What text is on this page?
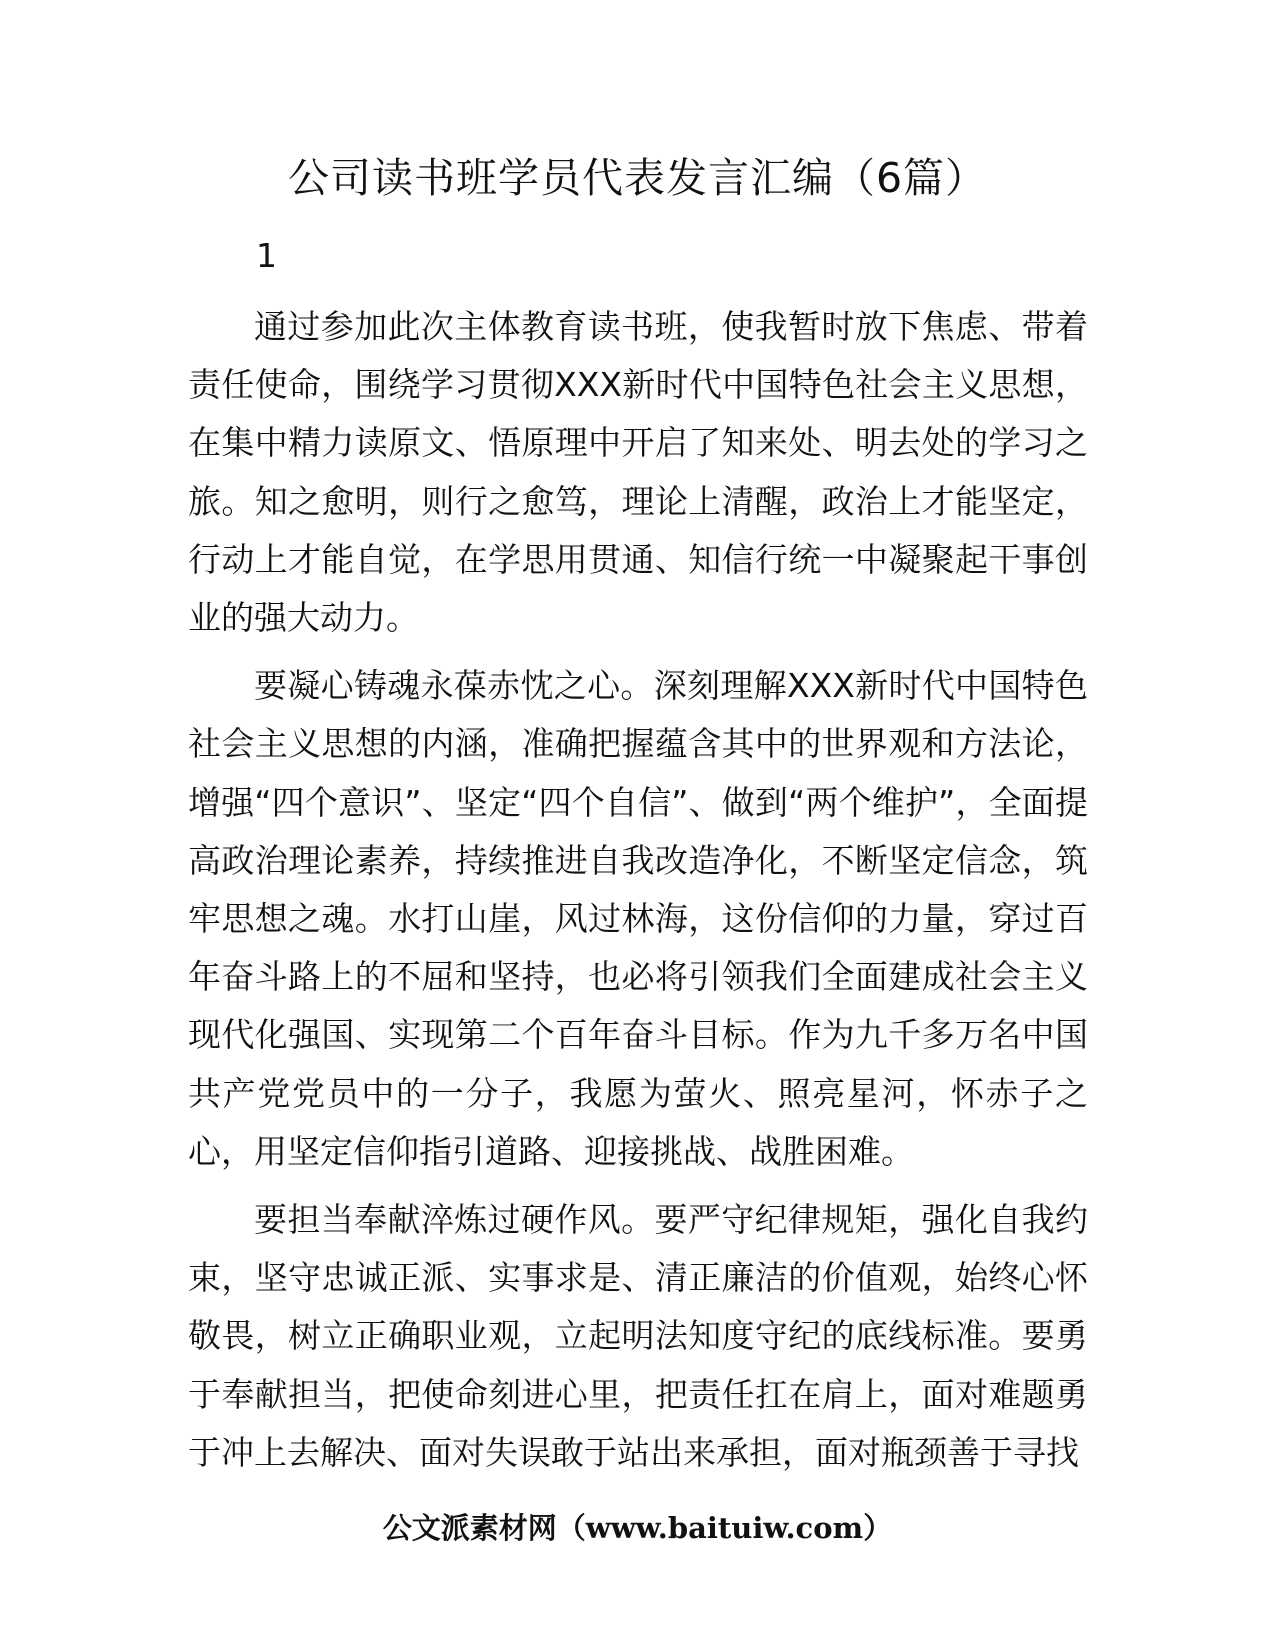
公司读书班学员代表发言汇编（6篇）
1

通过参加此次主体教育读书班，使我暂时放下焦虑、带着责任使命，围绕学习贯彻XXX新时代中国特色社会主义思想，在集中精力读原文、悟原理中开启了知来处、明去处的学习之旅。知之愈明，则行之愈笃，理论上清醒，政治上才能坚定，行动上才能自觉，在学思用贯通、知信行统一中凝聚起干事创业的强大动力。

要凝心铸魂永葆赤忱之心。深刻理解XXX新时代中国特色社会主义思想的内涵，准确把握蕴含其中的世界观和方法论，增强“四个意识”、坚定“四个自信”、做到“两个维护”，全面提高政治理论素养，持续推进自我改造净化，不断坚定信念，筑牢思想之魂。水打山崖，风过林海，这份信仰的力量，穿过百年奋斗路上的不屈和坚持，也必将引领我们全面建成社会主义现代化强国、实现第二个百年奋斗目标。作为九千多万名中国共产党党员中的一分子，我愿为萤火、照亮星河，怀赤子之心，用坚定信仰指引道路、迎接挑战、战胜困难。

要担当奉献淬炼过硬作风。要严守纪律规矩，强化自我约束，坚守忠诚正派、实事求是、清正廉洁的价值观，始终心怀敬畏，树立正确职业观，立起明法知度守纪的底线标准。要勇于奉献担当，把使命刻进心里，把责任扛在肩上，面对难题勇于冲上去解决、面对失误敢于站出来承担，面对瓶颈善于寻找

公文派素材网（www.baituiw.com）
